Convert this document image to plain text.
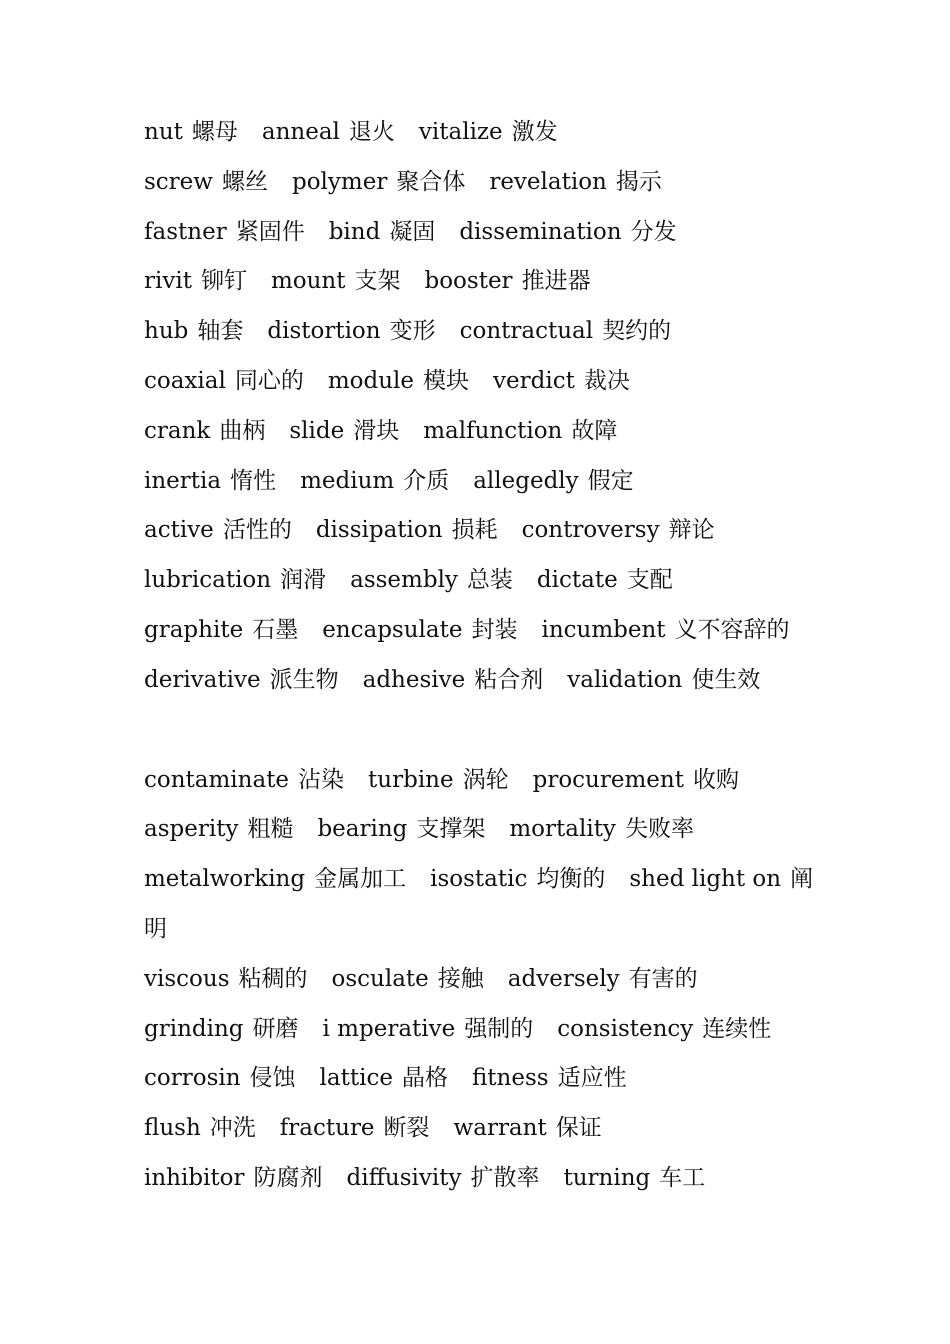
nut 螺母 anneal 退火 vitalize 激发
screw 螺丝 polymer 聚合体 revelation 揭示
fastner 紧固件 bind 凝固 dissemination 分发
rivit 铆钉 mount 支架 booster 推进器
hub 轴套 distortion 变形 contractual 契约的
coaxial 同心的 module 模块 verdict 裁决
crank 曲柄 slide 滑块 malfunction 故障
inertia 惰性 medium 介质 allegedly 假定
active 活性的 dissipation 损耗 controversy 辩论
lubrication 润滑 assembly 总装 dictate 支配
graphite 石墨 encapsulate 封装 incumbent 义不容辞的
derivative 派生物 adhesive 粘合剂 validation 使生效
contaminate 沾染 turbine 涡轮 procurement 收购
asperity 粗糙 bearing 支撑架 mortality 失败率
metalworking 金属加工 isostatic 均衡的 shed light on 阐
明
viscous 粘稠的 osculate 接触 adversely 有害的
grinding 研磨 i mperative 强制的 consistency 连续性
corrosin 侵蚀 lattice 晶格 fitness 适应性
flush 冲洗 fracture 断裂 warrant 保证
inhibitor 防腐剂 diffusivity 扩散率 turning 车工
